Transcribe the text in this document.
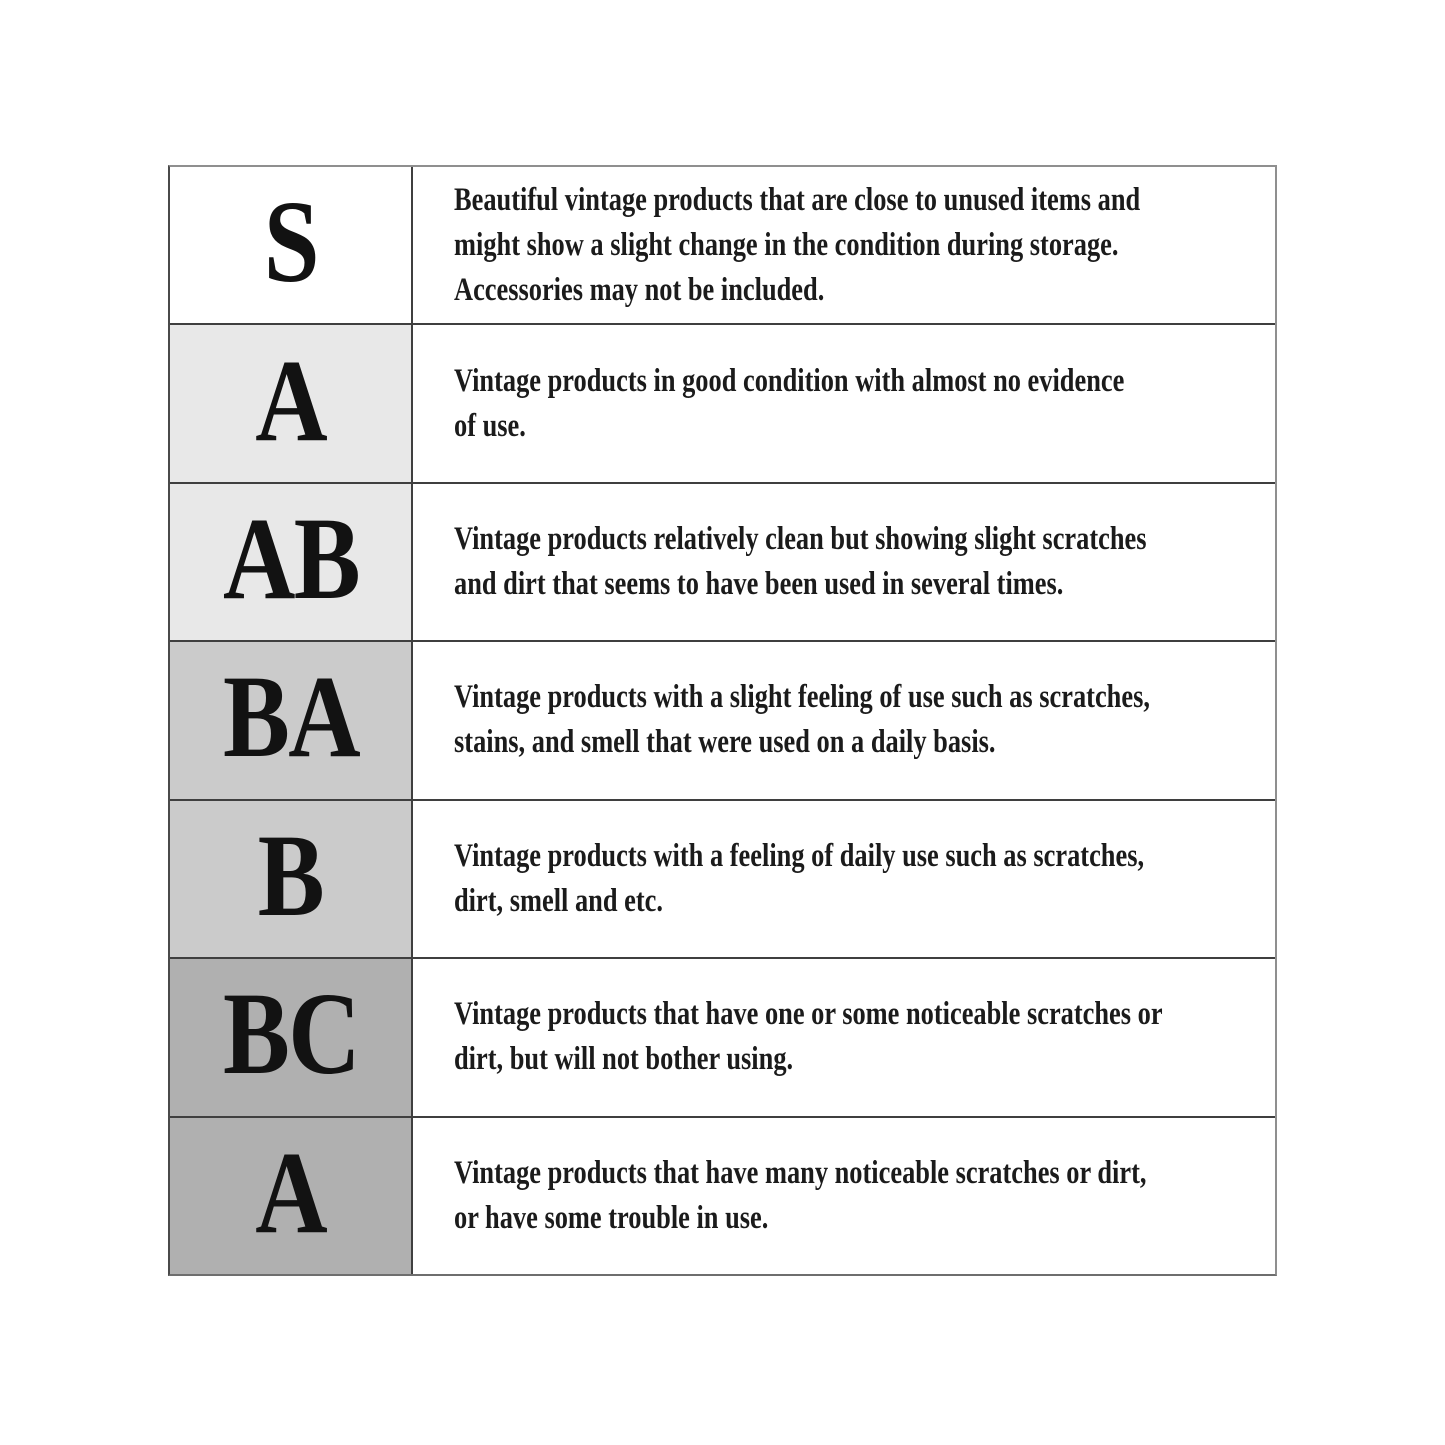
S	Beautiful vintage products that are close to unused items and
might show a slight change in the condition during storage.
Accessories may not be included.
A	Vintage products in good condition with almost no evidence
of use.
AB	Vintage products relatively clean but showing slight scratches
and dirt that seems to have been used in several times.
BA	Vintage products with a slight feeling of use such as scratches,
stains, and smell that were used on a daily basis.
B	Vintage products with a feeling of daily use such as scratches,
dirt, smell and etc.
BC	Vintage products that have one or some noticeable scratches or
dirt, but will not bother using.
A	Vintage products that have many noticeable scratches or dirt,
or have some trouble in use.
